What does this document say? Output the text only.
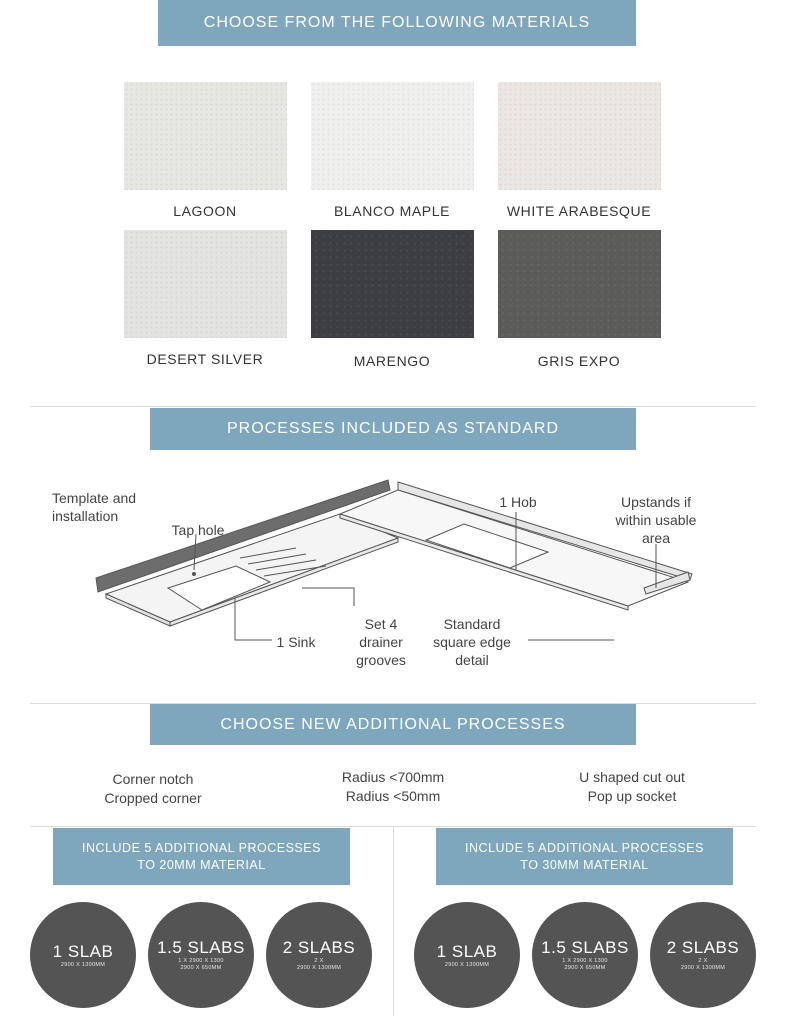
CHOOSE FROM THE FOLLOWING MATERIALS
LAGOON	BLANCO MAPLE	WHITE ARABESQUE
DESERT SILVER	MARENGO	GRIS EXPO
PROCESSES INCLUDED AS STANDARD
Template and installation
Tap hole
1 Hob	Upstands if within usable area
1 Sink
Set 4 drainer grooves
Standard square edge detail
CHOOSE NEW ADDITIONAL PROCESSES
Corner notch
Cropped corner
Radius <700mm
Radius <50mm
U shaped cut out
Pop up socket
INCLUDE 5 ADDITIONAL PROCESSES
TO 20MM MATERIAL
1 SLAB
2900 X 1300MM
1.5 SLABS
1 X 2900 X 1300
2900 X 650MM
2 SLABS
2 X
2900 X 1300MM
INCLUDE 5 ADDITIONAL PROCESSES
TO 30MM MATERIAL
1 SLAB
2900 X 1300MM
1.5 SLABS
1 X 2900 X 1300
2900 X 650MM
2 SLABS
2 X
2900 X 1300MM
